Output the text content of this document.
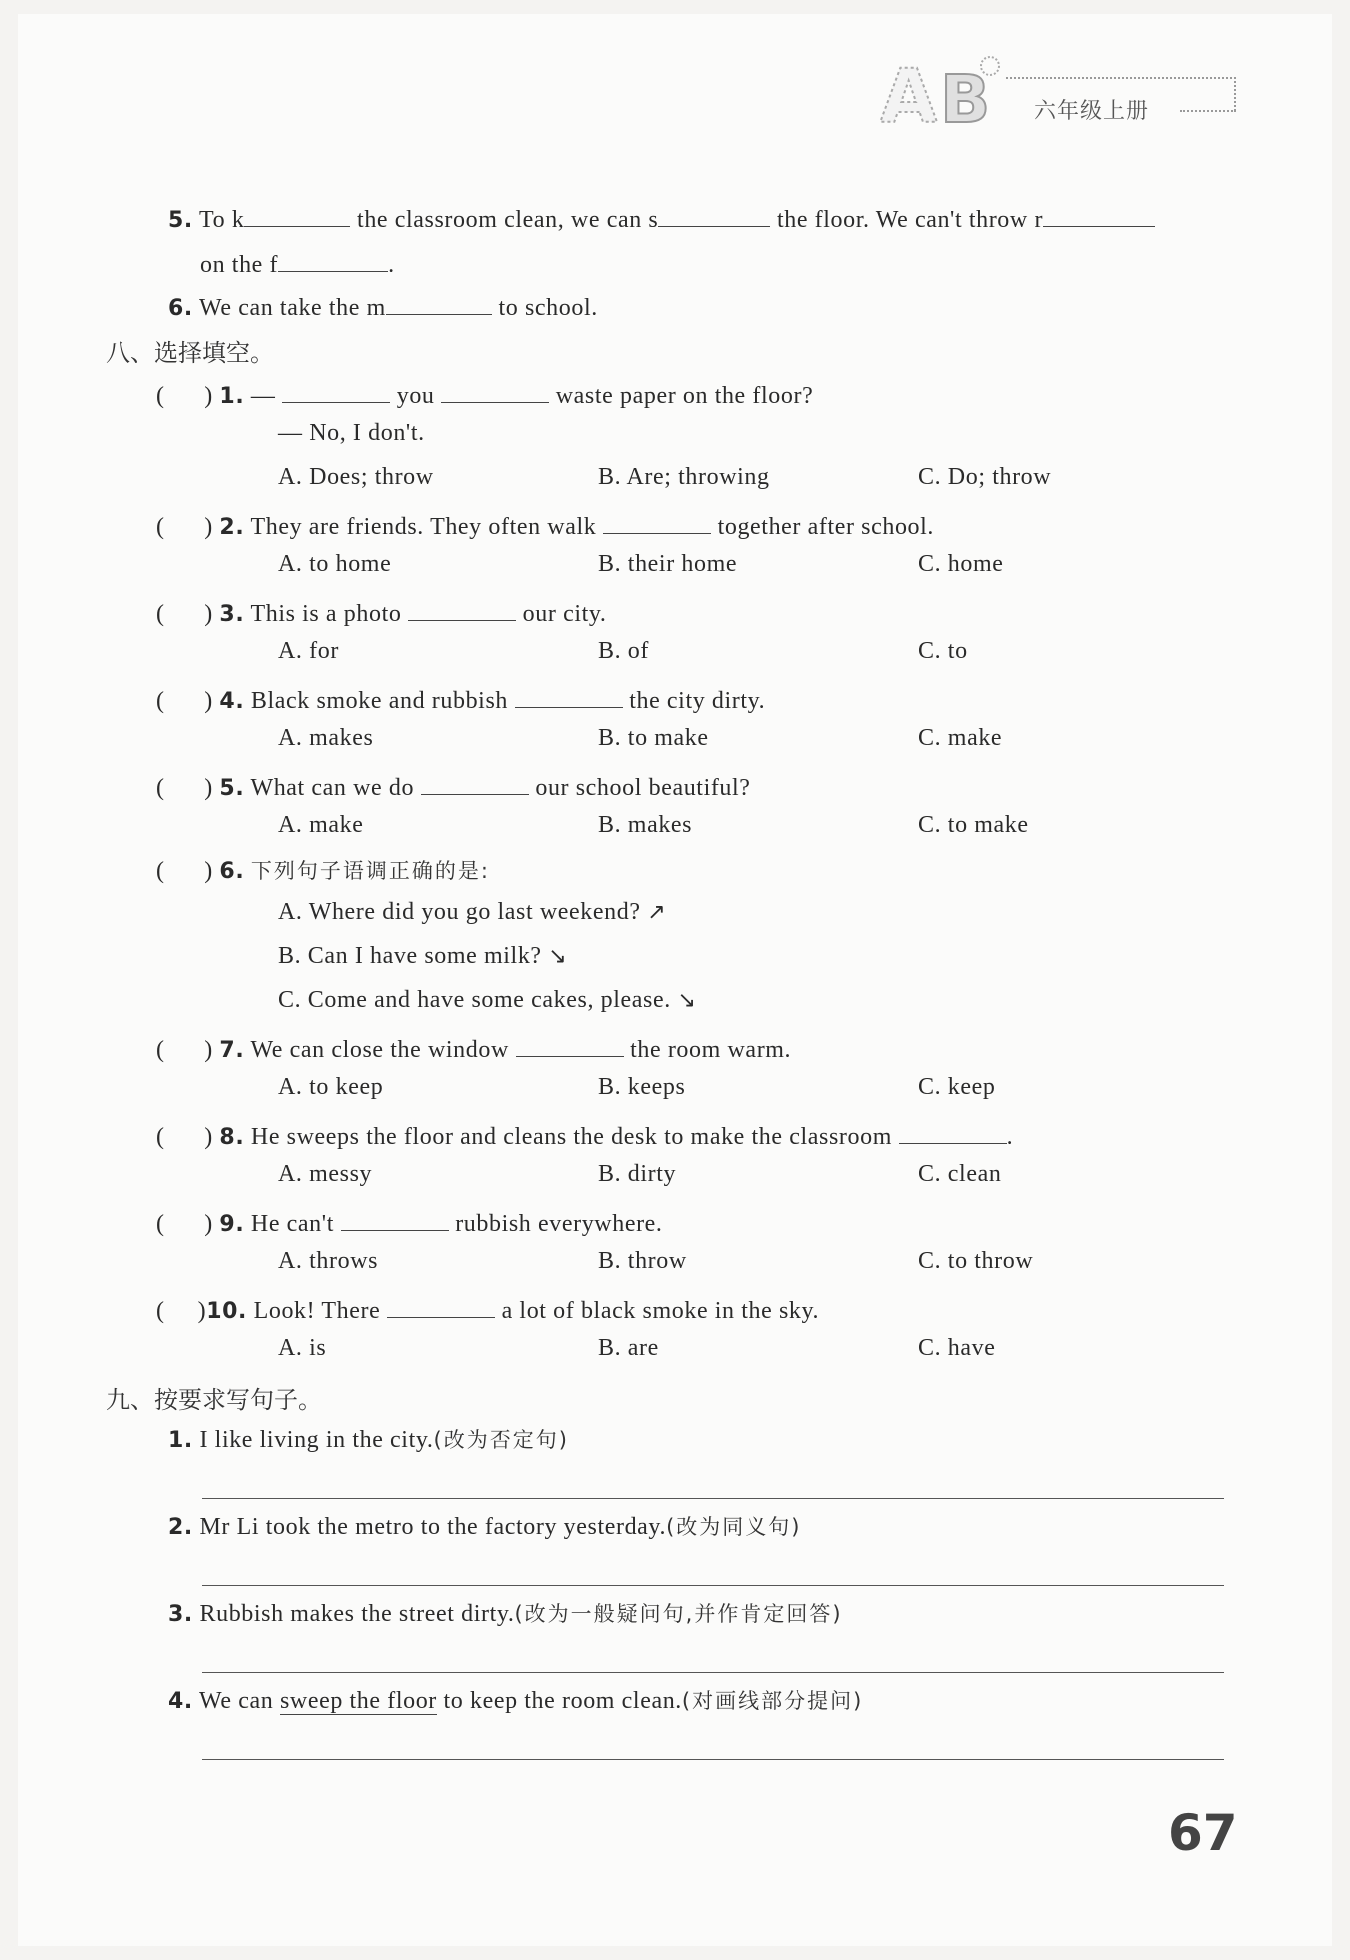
A B 六年级上册
5. To k	the classroom clean, we can s	the floor. We can't throw r
on the f	.
6. We can take the m	to school.
八、选择填空。
(      ) 1. —	you	waste paper on the floor?
— No, I don't.
A. Does; throw	B. Are; throwing	C. Do; throw
(      ) 2. They are friends. They often walk	together after school.
A. to home	B. their home	C. home
(      ) 3. This is a photo	our city.
A. for	B. of	C. to
(      ) 4. Black smoke and rubbish	the city dirty.
A. makes	B. to make	C. make
(      ) 5. What can we do	our school beautiful?
A. make	B. makes	C. to make
(      ) 6. 下列句子语调正确的是:
A. Where did you go last weekend? ↗
B. Can I have some milk? ↘
C. Come and have some cakes, please. ↘
(      ) 7. We can close the window	the room warm.
A. to keep	B. keeps	C. keep
(      ) 8. He sweeps the floor and cleans the desk to make the classroom	.
A. messy	B. dirty	C. clean
(      ) 9. He can't	rubbish everywhere.
A. throws	B. throw	C. to throw
(     )10. Look! There	a lot of black smoke in the sky.
A. is	B. are	C. have
九、按要求写句子。
1. I like living in the city.(改为否定句)
2. Mr Li took the metro to the factory yesterday.(改为同义句)
3. Rubbish makes the street dirty.(改为一般疑问句,并作肯定回答)
4. We can sweep the floor to keep the room clean.(对画线部分提问)
67
